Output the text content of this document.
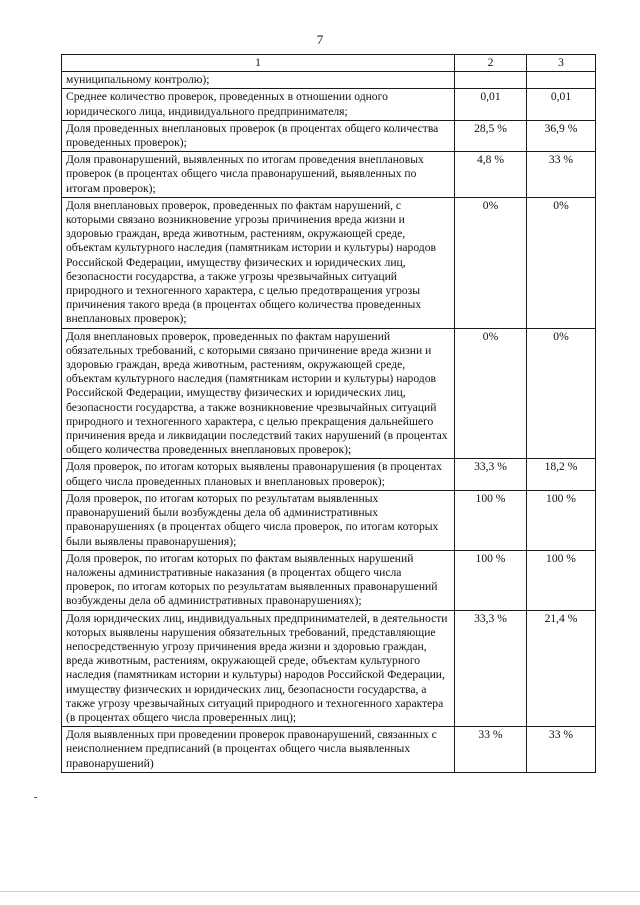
7
1	2	3
муниципальному контролю);		
Среднее количество проверок, проведенных в отношении одного юридического лица, индивидуального предпринимателя;	0,01	0,01
Доля проведенных внеплановых проверок (в процентах общего количества проведенных проверок);	28,5 %	36,9 %
Доля правонарушений, выявленных по итогам проведения внеплановых проверок (в процентах общего числа правонарушений, выявленных по итогам проверок);	4,8 %	33 %
Доля внеплановых проверок, проведенных по фактам нарушений, с которыми связано возникновение угрозы причинения вреда жизни и здоровью граждан, вреда животным, растениям, окружающей среде, объектам культурного наследия (памятникам истории и культуры) народов Российской Федерации, имуществу физических и юридических лиц, безопасности государства, а также угрозы чрезвычайных ситуаций природного и техногенного характера, с целью предотвращения угрозы причинения такого вреда (в процентах общего количества проведенных внеплановых проверок);	0%	0%
Доля внеплановых проверок, проведенных по фактам нарушений обязательных требований, с которыми связано причинение вреда жизни и здоровью граждан, вреда животным, растениям, окружающей среде, объектам культурного наследия (памятникам истории и культуры) народов Российской Федерации, имуществу физических и юридических лиц, безопасности государства, а также возникновение чрезвычайных ситуаций природного и техногенного характера, с целью прекращения дальнейшего причинения вреда и ликвидации последствий таких нарушений (в процентах общего количества проведенных внеплановых проверок);	0%	0%
Доля проверок, по итогам которых выявлены правонарушения (в процентах общего числа проведенных плановых и внеплановых проверок);	33,3 %	18,2 %
Доля проверок, по итогам которых по результатам выявленных правонарушений были возбуждены дела об административных правонарушениях (в процентах общего числа проверок, по итогам которых были выявлены правонарушения);	100 %	100 %
Доля проверок, по итогам которых по фактам выявленных нарушений наложены административные наказания (в процентах общего числа проверок, по итогам которых по результатам выявленных правонарушений возбуждены дела об административных правонарушениях);	100 %	100 %
Доля юридических лиц, индивидуальных предпринимателей, в деятельности которых выявлены нарушения обязательных требований, представляющие непосредственную угрозу причинения вреда жизни и здоровью граждан, вреда животным, растениям, окружающей среде, объектам культурного наследия (памятникам истории и культуры) народов Российской Федерации, имуществу физических и юридических лиц, безопасности государства, а также угрозу чрезвычайных ситуаций природного и техногенного характера (в процентах общего числа проверенных лиц);	33,3 %	21,4 %
Доля выявленных при проведении проверок правонарушений, связанных с неисполнением предписаний (в процентах общего числа выявленных правонарушений)	33 %	33 %
